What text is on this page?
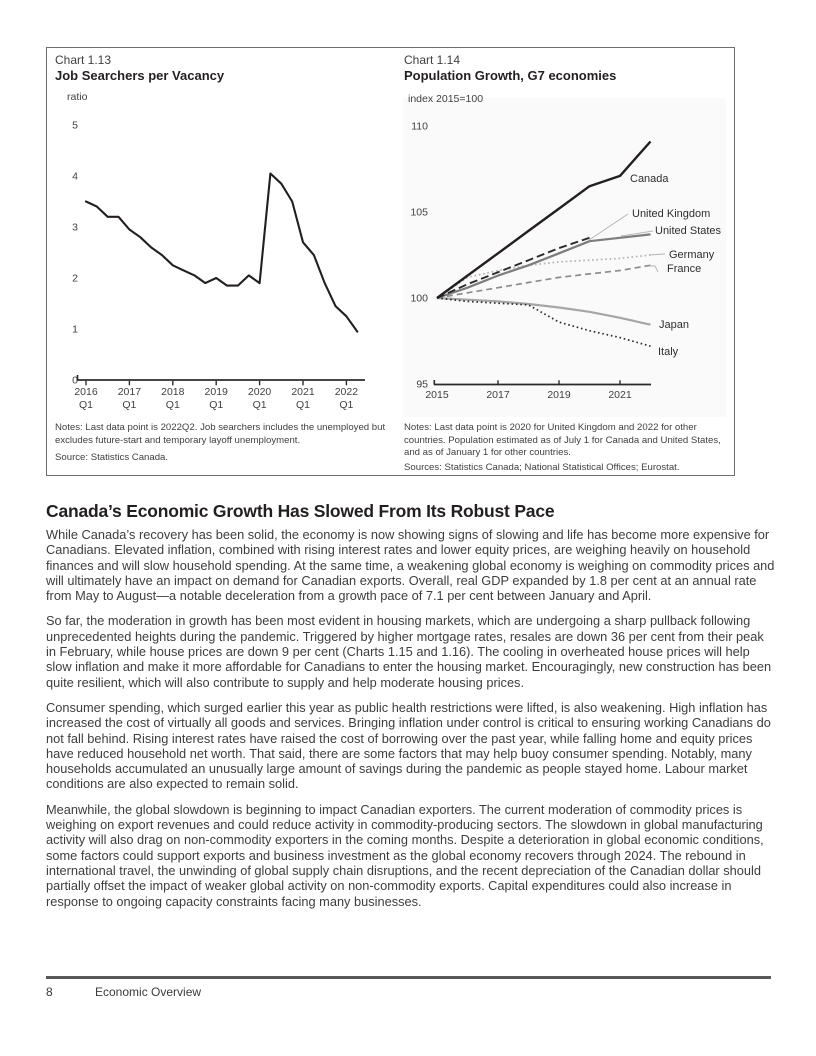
Chart 1.13
Job Searchers per Vacancy
Chart 1.14
Population Growth, G7 economies
ratio
0
1
2
3
4
5
2016
Q1
2017
Q1
2018
Q1
2019
Q1
2020
Q1
2021
Q1
2022
Q1
index 2015=100
95
100
105
110
2015	2017	2019	2021
Germany
France
Japan
United States
United Kingdom
Italy
Canada
Notes: Last data point is 2022Q2. Job searchers includes the unemployed but excludes future-start and temporary layoff unemployment.
Source: Statistics Canada.
Notes: Last data point is 2020 for United Kingdom and 2022 for other countries. Population estimated as of July 1 for Canada and United States, and as of January 1 for other countries.
Sources: Statistics Canada; National Statistical Offices; Eurostat.
Canada’s Economic Growth Has Slowed From Its Robust Pace

While Canada’s recovery has been solid, the economy is now showing signs of slowing and life has become more expensive for Canadians. Elevated inflation, combined with rising interest rates and lower equity prices, are weighing heavily on household finances and will slow household spending. At the same time, a weakening global economy is weighing on commodity prices and will ultimately have an impact on demand for Canadian exports. Overall, real GDP expanded by 1.8 per cent at an annual rate from May to August—a notable deceleration from a growth pace of 7.1 per cent between January and April.

So far, the moderation in growth has been most evident in housing markets, which are undergoing a sharp pullback following unprecedented heights during the pandemic. Triggered by higher mortgage rates, resales are down 36 per cent from their peak in February, while house prices are down 9 per cent (Charts 1.15 and 1.16). The cooling in overheated house prices will help slow inflation and make it more affordable for Canadians to enter the housing market. Encouragingly, new construction has been quite resilient, which will also contribute to supply and help moderate housing prices.

Consumer spending, which surged earlier this year as public health restrictions were lifted, is also weakening. High inflation has increased the cost of virtually all goods and services. Bringing inflation under control is critical to ensuring working Canadians do not fall behind. Rising interest rates have raised the cost of borrowing over the past year, while falling home and equity prices have reduced household net worth. That said, there are some factors that may help buoy consumer spending. Notably, many households accumulated an unusually large amount of savings during the pandemic as people stayed home. Labour market conditions are also expected to remain solid.

Meanwhile, the global slowdown is beginning to impact Canadian exporters. The current moderation of commodity prices is weighing on export revenues and could reduce activity in commodity-producing sectors. The slowdown in global manufacturing activity will also drag on non-commodity exporters in the coming months. Despite a deterioration in global economic conditions, some factors could support exports and business investment as the global economy recovers through 2024. The rebound in international travel, the unwinding of global supply chain disruptions, and the recent depreciation of the Canadian dollar should partially offset the impact of weaker global activity on non-commodity exports. Capital expenditures could also increase in response to ongoing capacity constraints facing many businesses.

8	Economic Overview
